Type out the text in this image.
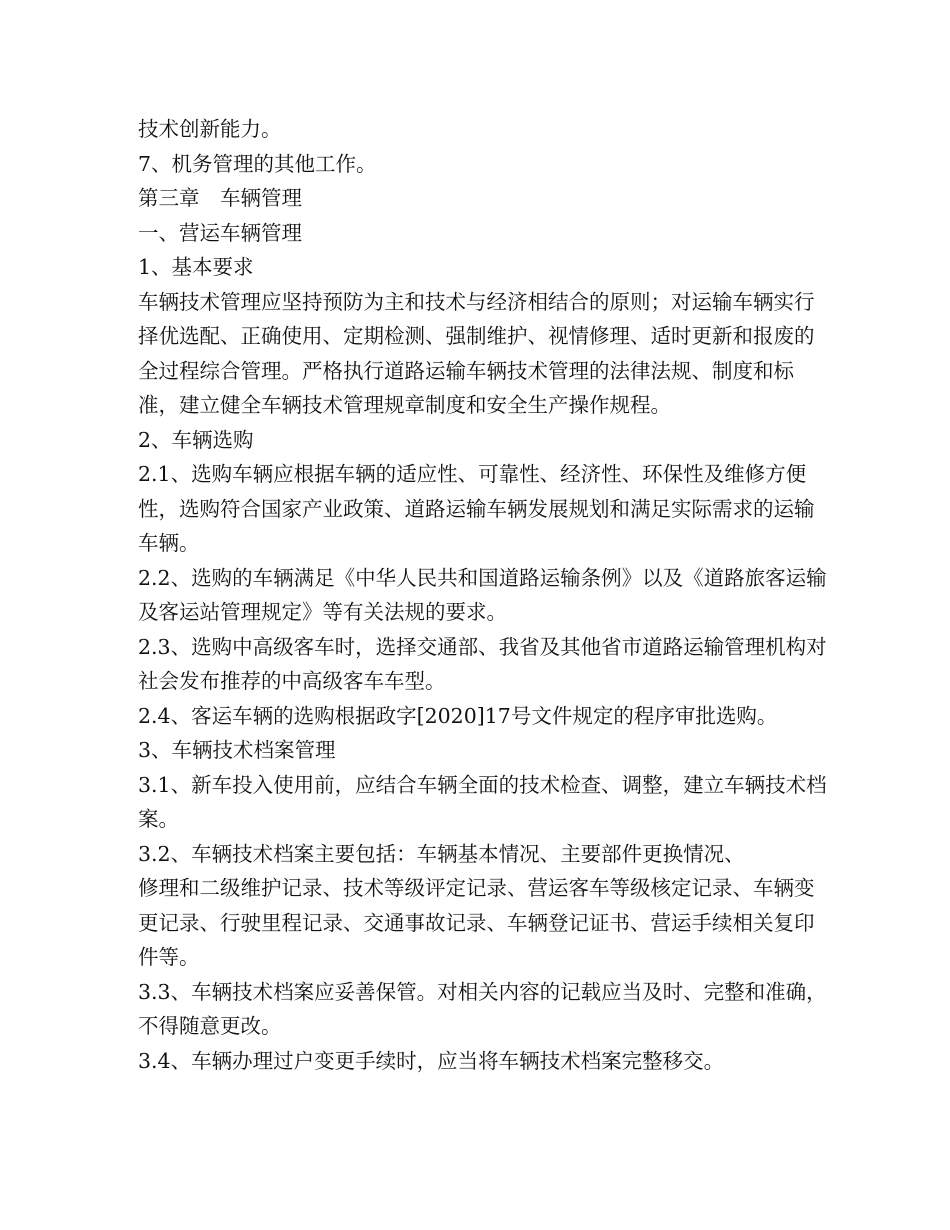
技术创新能力。

7、机务管理的其他工作。

第三章　车辆管理

一、营运车辆管理

1、基本要求

车辆技术管理应坚持预防为主和技术与经济相结合的原则；对运输车辆实行择优选配、正确使用、定期检测、强制维护、视情修理、适时更新和报废的全过程综合管理。严格执行道路运输车辆技术管理的法律法规、制度和标准，建立健全车辆技术管理规章制度和安全生产操作规程。

2、车辆选购

2.1、选购车辆应根据车辆的适应性、可靠性、经济性、环保性及维修方便性，选购符合国家产业政策、道路运输车辆发展规划和满足实际需求的运输车辆。

2.2、选购的车辆满足《中华人民共和国道路运输条例》以及《道路旅客运输及客运站管理规定》等有关法规的要求。

2.3、选购中高级客车时，选择交通部、我省及其他省市道路运输管理机构对社会发布推荐的中高级客车车型。

2.4、客运车辆的选购根据政字[2020]17号文件规定的程序审批选购。

3、车辆技术档案管理

3.1、新车投入使用前，应结合车辆全面的技术检查、调整，建立车辆技术档案。

3.2、车辆技术档案主要包括：车辆基本情况、主要部件更换情况、

修理和二级维护记录、技术等级评定记录、营运客车等级核定记录、车辆变更记录、行驶里程记录、交通事故记录、车辆登记证书、营运手续相关复印件等。

3.3、车辆技术档案应妥善保管。对相关内容的记载应当及时、完整和准确，不得随意更改。

3.4、车辆办理过户变更手续时，应当将车辆技术档案完整移交。
